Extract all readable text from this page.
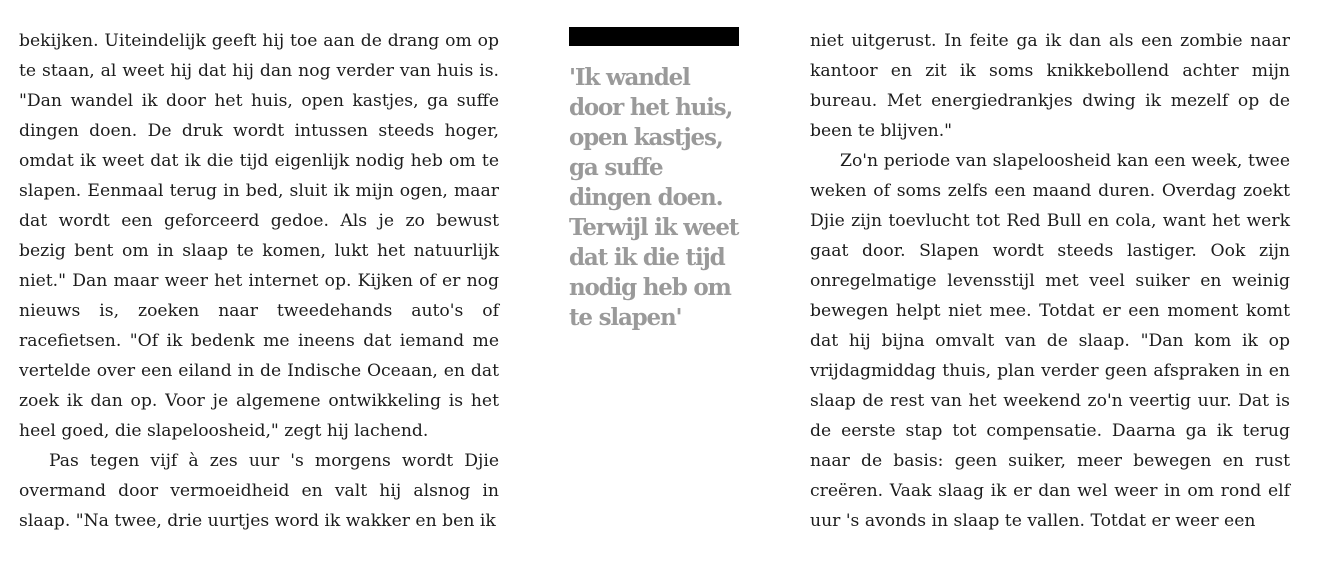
bekijken. Uiteindelijk geeft hij toe aan de drang om op te staan, al weet hij dat hij dan nog verder van huis is. "Dan wandel ik door het huis, open kastjes, ga suffe dingen doen. De druk wordt intussen steeds hoger, omdat ik weet dat ik die tijd eigenlijk nodig heb om te slapen. Eenmaal terug in bed, sluit ik mijn ogen, maar dat wordt een geforceerd gedoe. Als je zo bewust bezig bent om in slaap te komen, lukt het natuurlijk niet." Dan maar weer het internet op. Kijken of er nog nieuws is, zoeken naar tweedehands auto's of racefietsen. "Of ik bedenk me ineens dat iemand me vertelde over een eiland in de Indische Oceaan, en dat zoek ik dan op. Voor je algemene ontwikkeling is het heel goed, die slapeloosheid," zegt hij lachend.

Pas tegen vijf à zes uur 's morgens wordt Djie overmand door vermoeidheid en valt hij alsnog in slaap. "Na twee, drie uurtjes word ik wakker en ben ik

'Ik wandel door het huis, open kastjes, ga suffe dingen doen. Terwijl ik weet dat ik die tijd nodig heb om te slapen'

niet uitgerust. In feite ga ik dan als een zombie naar kantoor en zit ik soms knikkebollend achter mijn bureau. Met energiedrankjes dwing ik mezelf op de been te blijven."

Zo'n periode van slapeloosheid kan een week, twee weken of soms zelfs een maand duren. Overdag zoekt Djie zijn toevlucht tot Red Bull en cola, want het werk gaat door. Slapen wordt steeds lastiger. Ook zijn onregelmatige levensstijl met veel suiker en weinig bewegen helpt niet mee. Totdat er een moment komt dat hij bijna omvalt van de slaap. "Dan kom ik op vrijdagmiddag thuis, plan verder geen afspraken in en slaap de rest van het weekend zo'n veertig uur. Dat is de eerste stap tot compensatie. Daarna ga ik terug naar de basis: geen suiker, meer bewegen en rust creëren. Vaak slaag ik er dan wel weer in om rond elf uur 's avonds in slaap te vallen. Totdat er weer een
